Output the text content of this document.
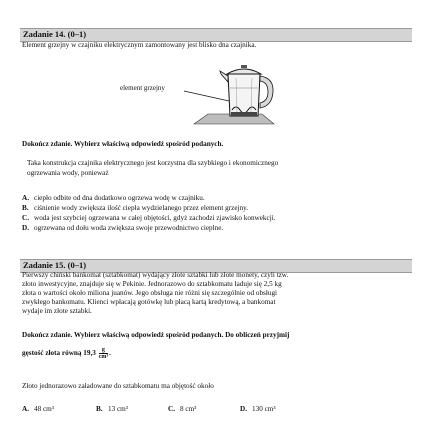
Zadanie 14. (0–1)
Element grzejny w czajniku elektrycznym zamontowany jest blisko dna czajnika.
element grzejny
Dokończ zdanie. Wybierz właściwą odpowiedź spośród podanych.
Taka konstrukcja czajnika elektrycznego jest korzystna dla szybkiego i ekonomicznego
ogrzewania wody, ponieważ
A. ciepło odbite od dna dodatkowo ogrzewa wodę w czajniku.
B. ciśnienie wody zwiększa ilość ciepła wydzielanego przez element grzejny.
C. woda jest szybciej ogrzewana w całej objętości, gdyż zachodzi zjawisko konwekcji.
D. ogrzewana od dołu woda zwiększa swoje przewodnictwo cieplne.
Zadanie 15. (0–1)
Pierwszy chiński bankomat (sztabkomat) wydający złote sztabki lub złote monety, czyli tzw.
złoto inwestycyjne, znajduje się w Pekinie. Jednorazowo do sztabkomatu ładuje się 2,5 kg
złota o wartości około miliona juanów. Jego obsługa nie różni się szczególnie od obsługi
zwykłego bankomatu. Klienci wpłacają gotówkę lub płacą kartą kredytową, a bankomat
wydaje im złote sztabki.
Dokończ zdanie. Wybierz właściwą odpowiedź spośród podanych. Do obliczeń przyjmij
gęstość złota równą $19,3 \frac{g}{\text{cm³}}$ .
Złoto jednorazowo załadowane do sztabkomatu ma objętość około
A. 48 cm³	B. 13 cm³	C. 8 cm³	D. 130 cm³
